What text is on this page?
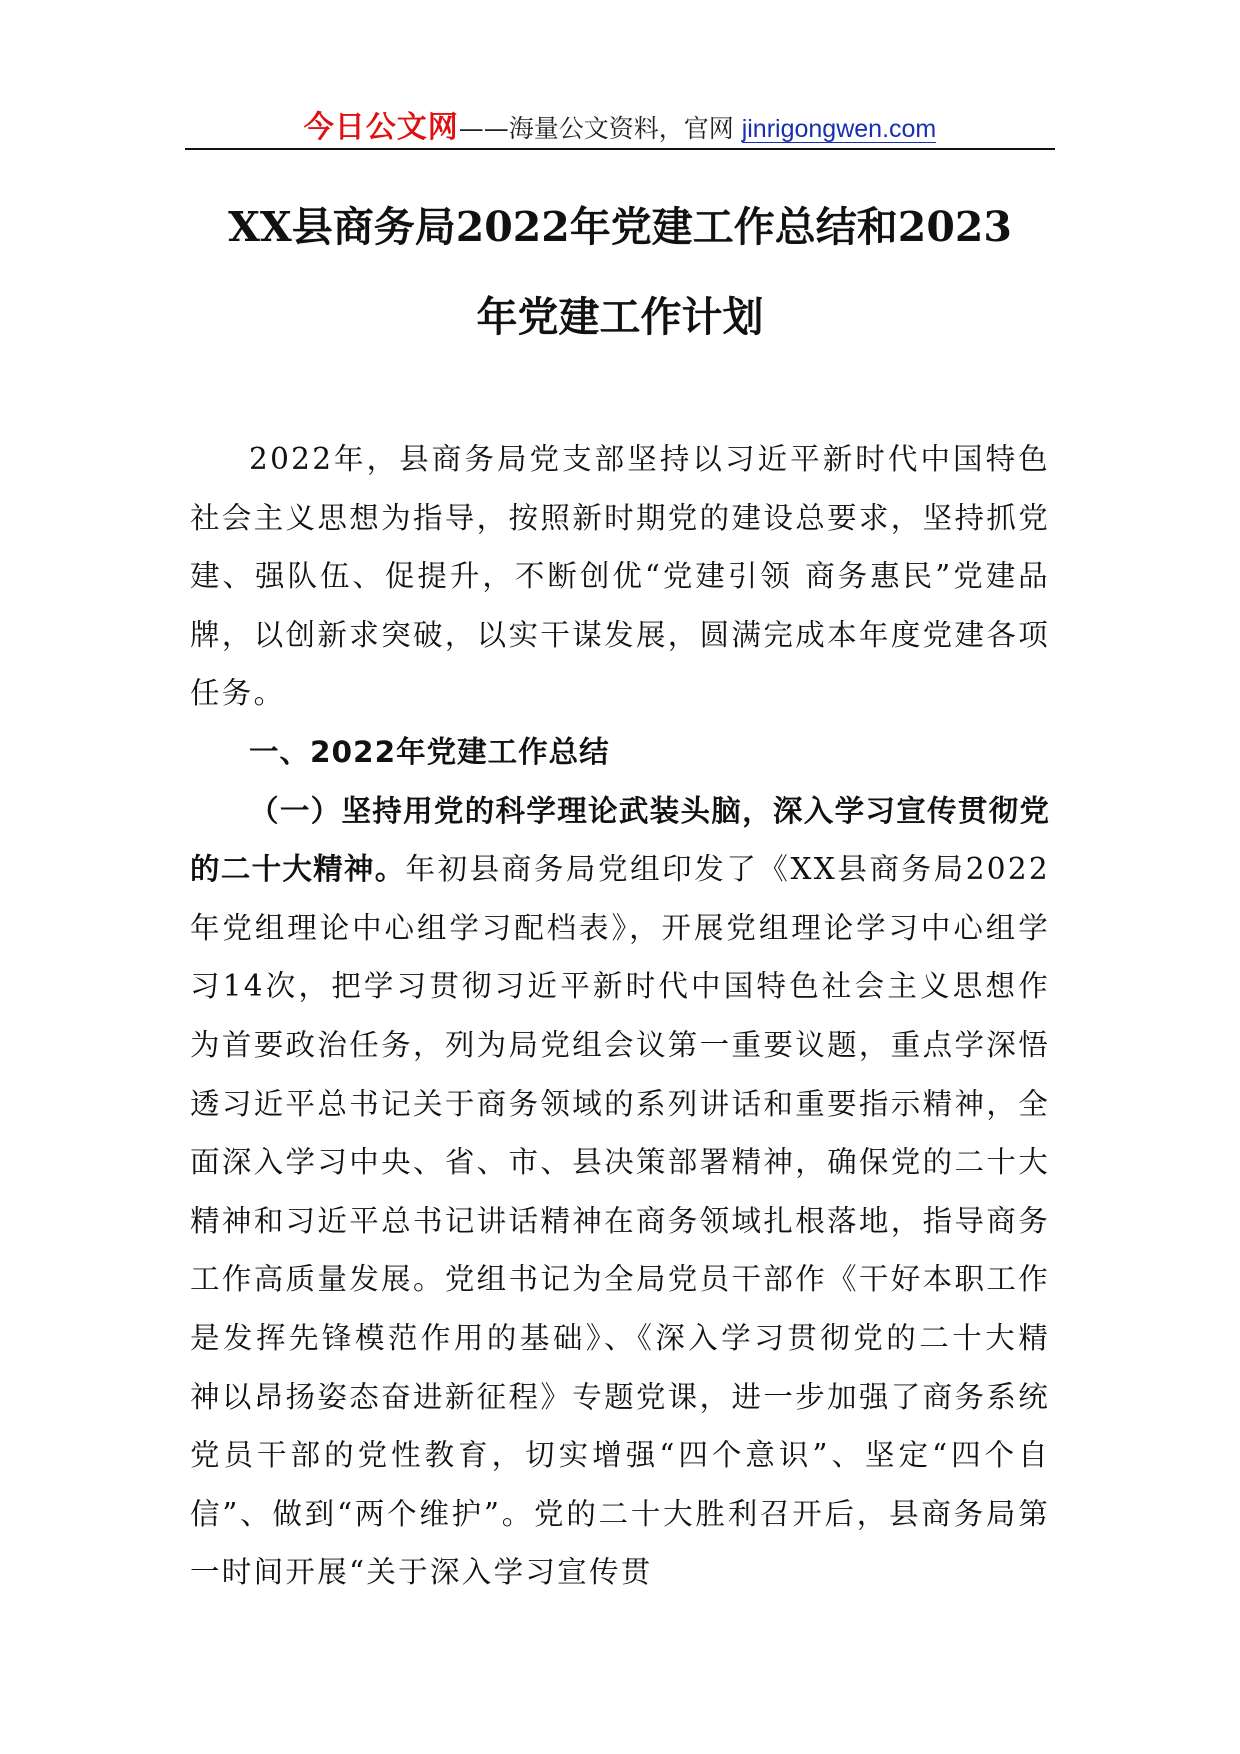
今日公文网——海量公文资料，官网 jinrigongwen.com
XX县商务局2022年党建工作总结和2023
年党建工作计划

2022年，县商务局党支部坚持以习近平新时代中国特色社会主义思想为指导，按照新时期党的建设总要求，坚持抓党建、强队伍、促提升，不断创优“党建引领 商务惠民”党建品牌，以创新求突破，以实干谋发展，圆满完成本年度党建各项任务。

一、2022年党建工作总结

（一）坚持用党的科学理论武装头脑，深入学习宣传贯彻党的二十大精神。年初县商务局党组印发了《XX县商务局2022年党组理论中心组学习配档表》，开展党组理论学习中心组学习14次，把学习贯彻习近平新时代中国特色社会主义思想作为首要政治任务，列为局党组会议第一重要议题，重点学深悟透习近平总书记关于商务领域的系列讲话和重要指示精神，全面深入学习中央、省、市、县决策部署精神，确保党的二十大精神和习近平总书记讲话精神在商务领域扎根落地，指导商务工作高质量发展。党组书记为全局党员干部作《干好本职工作是发挥先锋模范作用的基础》、《深入学习贯彻党的二十大精神以昂扬姿态奋进新征程》专题党课，进一步加强了商务系统党员干部的党性教育，切实增强“四个意识”、坚定“四个自信”、做到“两个维护”。党的二十大胜利召开后，县商务局第一时间开展“关于深入学习宣传贯
